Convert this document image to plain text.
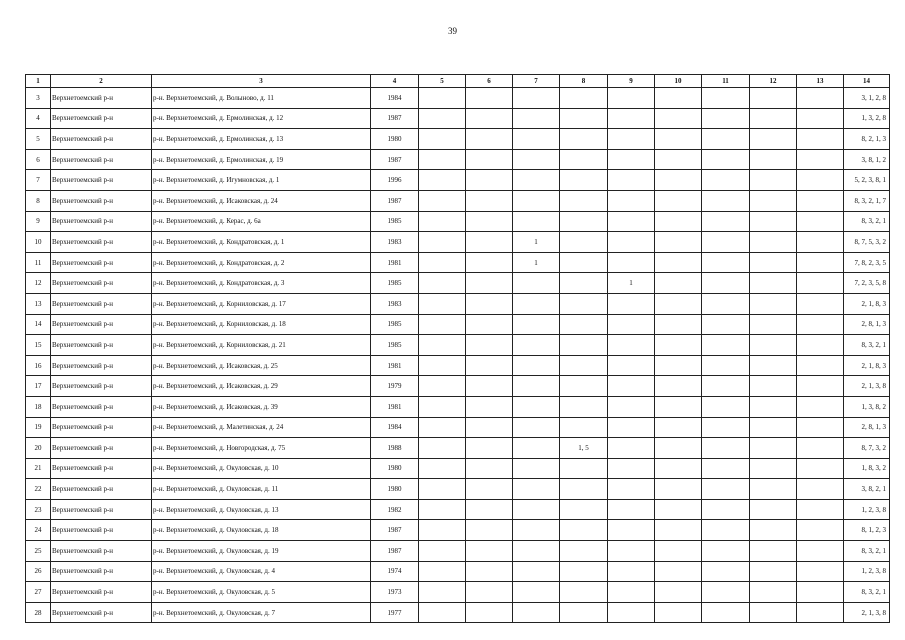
39
1	2	3	4	5	6	7	8	9	10	11	12	13	14
3	Верхнетоемский р-н	р-н. Верхнетоемский, д. Волыново, д. 11	1984										3, 1, 2, 8
4	Верхнетоемский р-н	р-н. Верхнетоемский, д. Ермолинская, д. 12	1987										1, 3, 2, 8
5	Верхнетоемский р-н	р-н. Верхнетоемский, д. Ермолинская, д. 13	1980										8, 2, 1, 3
6	Верхнетоемский р-н	р-н. Верхнетоемский, д. Ермолинская, д. 19	1987										3, 8, 1, 2
7	Верхнетоемский р-н	р-н. Верхнетоемский, д. Игумновская, д. 1	1996										5, 2, 3, 8, 1
8	Верхнетоемский р-н	р-н. Верхнетоемский, д. Исаковская, д. 24	1987										8, 3, 2, 1, 7
9	Верхнетоемский р-н	р-н. Верхнетоемский, д. Керас, д. 6а	1985										8, 3, 2, 1
10	Верхнетоемский р-н	р-н. Верхнетоемский, д. Кондратовская, д. 1	1983			1							8, 7, 5, 3, 2
11	Верхнетоемский р-н	р-н. Верхнетоемский, д. Кондратовская, д. 2	1981			1							7, 8, 2, 3, 5
12	Верхнетоемский р-н	р-н. Верхнетоемский, д. Кондратовская, д. 3	1985					1					7, 2, 3, 5, 8
13	Верхнетоемский р-н	р-н. Верхнетоемский, д. Корниловская, д. 17	1983										2, 1, 8, 3
14	Верхнетоемский р-н	р-н. Верхнетоемский, д. Корниловская, д. 18	1985										2, 8, 1, 3
15	Верхнетоемский р-н	р-н. Верхнетоемский, д. Корниловская, д. 21	1985										8, 3, 2, 1
16	Верхнетоемский р-н	р-н. Верхнетоемский, д. Исаковская, д. 25	1981										2, 1, 8, 3
17	Верхнетоемский р-н	р-н. Верхнетоемский, д. Исаковская, д. 29	1979										2, 1, 3, 8
18	Верхнетоемский р-н	р-н. Верхнетоемский, д. Исаковская, д. 39	1981										1, 3, 8, 2
19	Верхнетоемский р-н	р-н. Верхнетоемский, д. Малетинская, д. 24	1984										2, 8, 1, 3
20	Верхнетоемский р-н	р-н. Верхнетоемский, д. Новгородская, д. 75	1988				1, 5						8, 7, 3, 2
21	Верхнетоемский р-н	р-н. Верхнетоемский, д. Окуловская, д. 10	1980										1, 8, 3, 2
22	Верхнетоемский р-н	р-н. Верхнетоемский, д. Окуловская, д. 11	1980										3, 8, 2, 1
23	Верхнетоемский р-н	р-н. Верхнетоемский, д. Окуловская, д. 13	1982										1, 2, 3, 8
24	Верхнетоемский р-н	р-н. Верхнетоемский, д. Окуловская, д. 18	1987										8, 1, 2, 3
25	Верхнетоемский р-н	р-н. Верхнетоемский, д. Окуловская, д. 19	1987										8, 3, 2, 1
26	Верхнетоемский р-н	р-н. Верхнетоемский, д. Окуловская, д. 4	1974										1, 2, 3, 8
27	Верхнетоемский р-н	р-н. Верхнетоемский, д. Окуловская, д. 5	1973										8, 3, 2, 1
28	Верхнетоемский р-н	р-н. Верхнетоемский, д. Окуловская, д. 7	1977										2, 1, 3, 8
